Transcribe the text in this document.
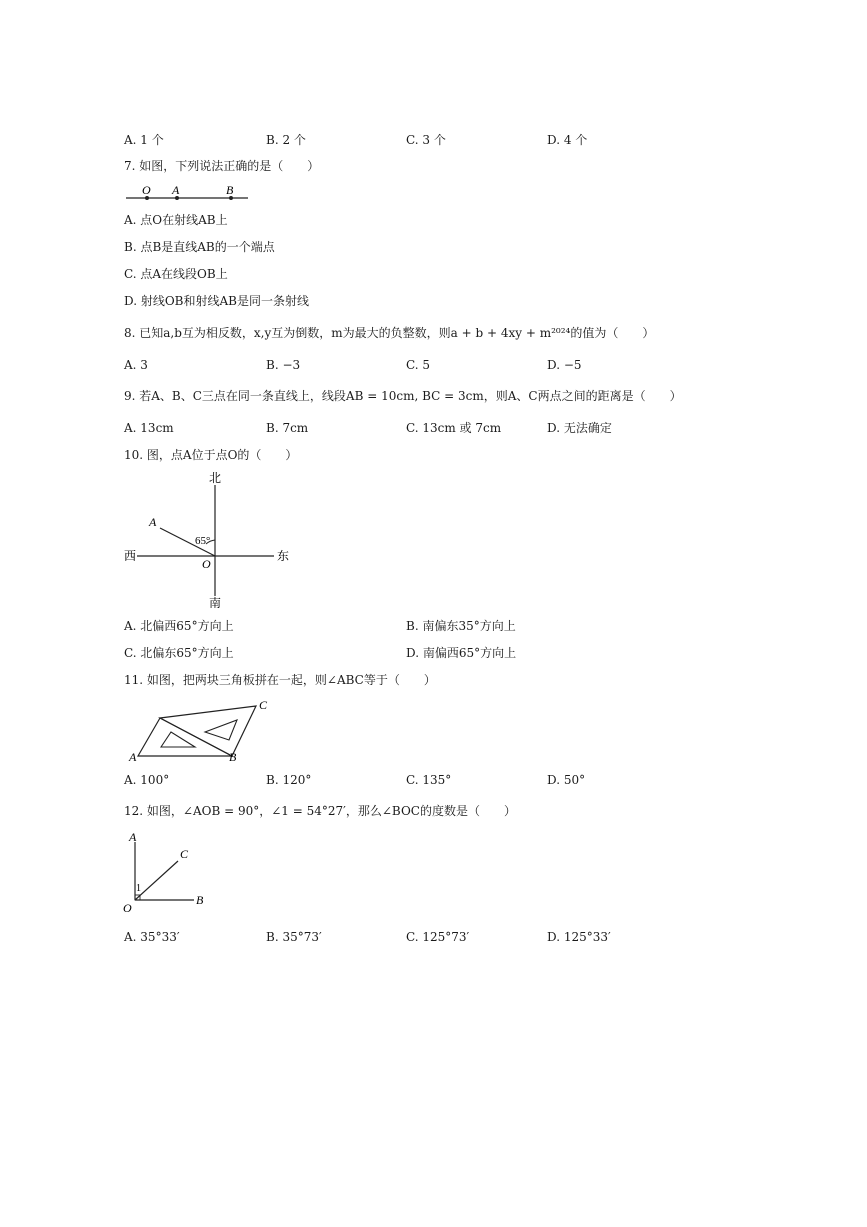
A. 1 个	B. 2 个	C. 3 个	D. 4 个
7. 如图，下列说法正确的是（　　）
O A	B
A. 点O在射线AB上
B. 点B是直线AB的一个端点
C. 点A在线段OB上
D. 射线OB和射线AB是同一条射线
8. 已知a,b互为相反数，x,y互为倒数，m为最大的负整数，则a + b + 4xy + m²⁰²⁴的值为（　　）
A. 3	B. −3	C. 5	D. −5
9. 若A、B、C三点在同一条直线上，线段AB = 10cm, BC = 3cm，则A、C两点之间的距离是（　　）
A. 13cm	B. 7cm	C. 13cm 或 7cm	D. 无法确定
10. 图，点A位于点O的（　　）
北
南
东
西
A
O
65°
A. 北偏西65°方向上	B. 南偏东35°方向上
C. 北偏东65°方向上	D. 南偏西65°方向上
11. 如图，把两块三角板拼在一起，则∠ABC等于（　　）
A	B
C
A. 100°	B. 120°	C. 135°	D. 50°
12. 如图，∠AOB = 90°，∠1 = 54°27′，那么∠BOC的度数是（　　）
A
C
O
B
1
A. 35°33′	B. 35°73′	C. 125°73′	D. 125°33′
